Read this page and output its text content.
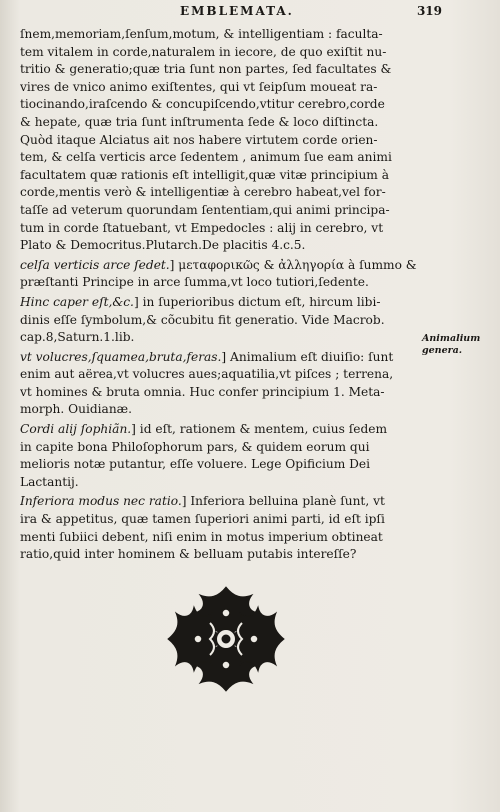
EMBLEMATA.	319

ſnem,memoriam,ſenſum,motum, & intelligentiam : faculta-
tem vitalem in corde,naturalem in iecore, de quo exiſtit nu-
tritio & generatio;quæ tria ſunt non partes, ſed facultates &
vires de vnico animo exiſtentes, qui vt ſeipſum moueat ra-
tiocinando,iraſcendo & concupiſcendo,vtitur cerebro,corde
& hepate, quæ tria ſunt inſtrumenta ſede & loco diſtincta.
Quòd itaque Alciatus ait nos habere virtutem corde orien-
tem, & celſa verticis arce ſedentem , animum ſue eam animi
facultatem quæ rationis eſt intelligit,quæ vitæ principium à
corde,mentis verò & intelligentiæ à cerebro habeat,vel for-
taſſe ad veterum quorundam ſententiam,qui animi principa-
tum in corde ſtatuebant, vt Empedocles : alij in cerebro, vt
Plato & Democritus.Plutarch.De placitis 4.c.5.

celſa verticis arce ſedet.] μεταφορικῶς & ἀλληγορία à ſummo &
præſtanti Principe in arce ſumma,vt loco tutiori,ſedente.

Hinc caper eſt,&c.] in ſuperioribus dictum eſt, hircum libi-
dinis eſſe ſymbolum,& cõcubitu fit generatio. Vide Macrob.
cap.8,Saturn.1.lib.

vt volucres,ſquamea,bruta,feras.] Animalium eſt diuiſio: ſunt
enim aut aërea,vt volucres aues;aquatilia,vt piſces ; terrena,
vt homines & bruta omnia. Huc confer principium 1. Meta-
morph. Ouidianæ.

Cordi alij ſophiãn.] id eſt, rationem & mentem, cuius ſedem
in capite bona Philoſophorum pars, & quidem eorum qui
melioris notæ putantur, eſſe voluere. Lege Opificium Dei
Lactantij.

Inferiora modus nec ratio.] Inferiora belluina planè ſunt, vt
ira & appetitus, quæ tamen ſuperiori animi parti, id eſt ipſi
menti ſubiici debent, niſi enim in motus imperium obtineat
ratio,quid inter hominem & belluam putabis intereſſe?

Animalium
genera.
